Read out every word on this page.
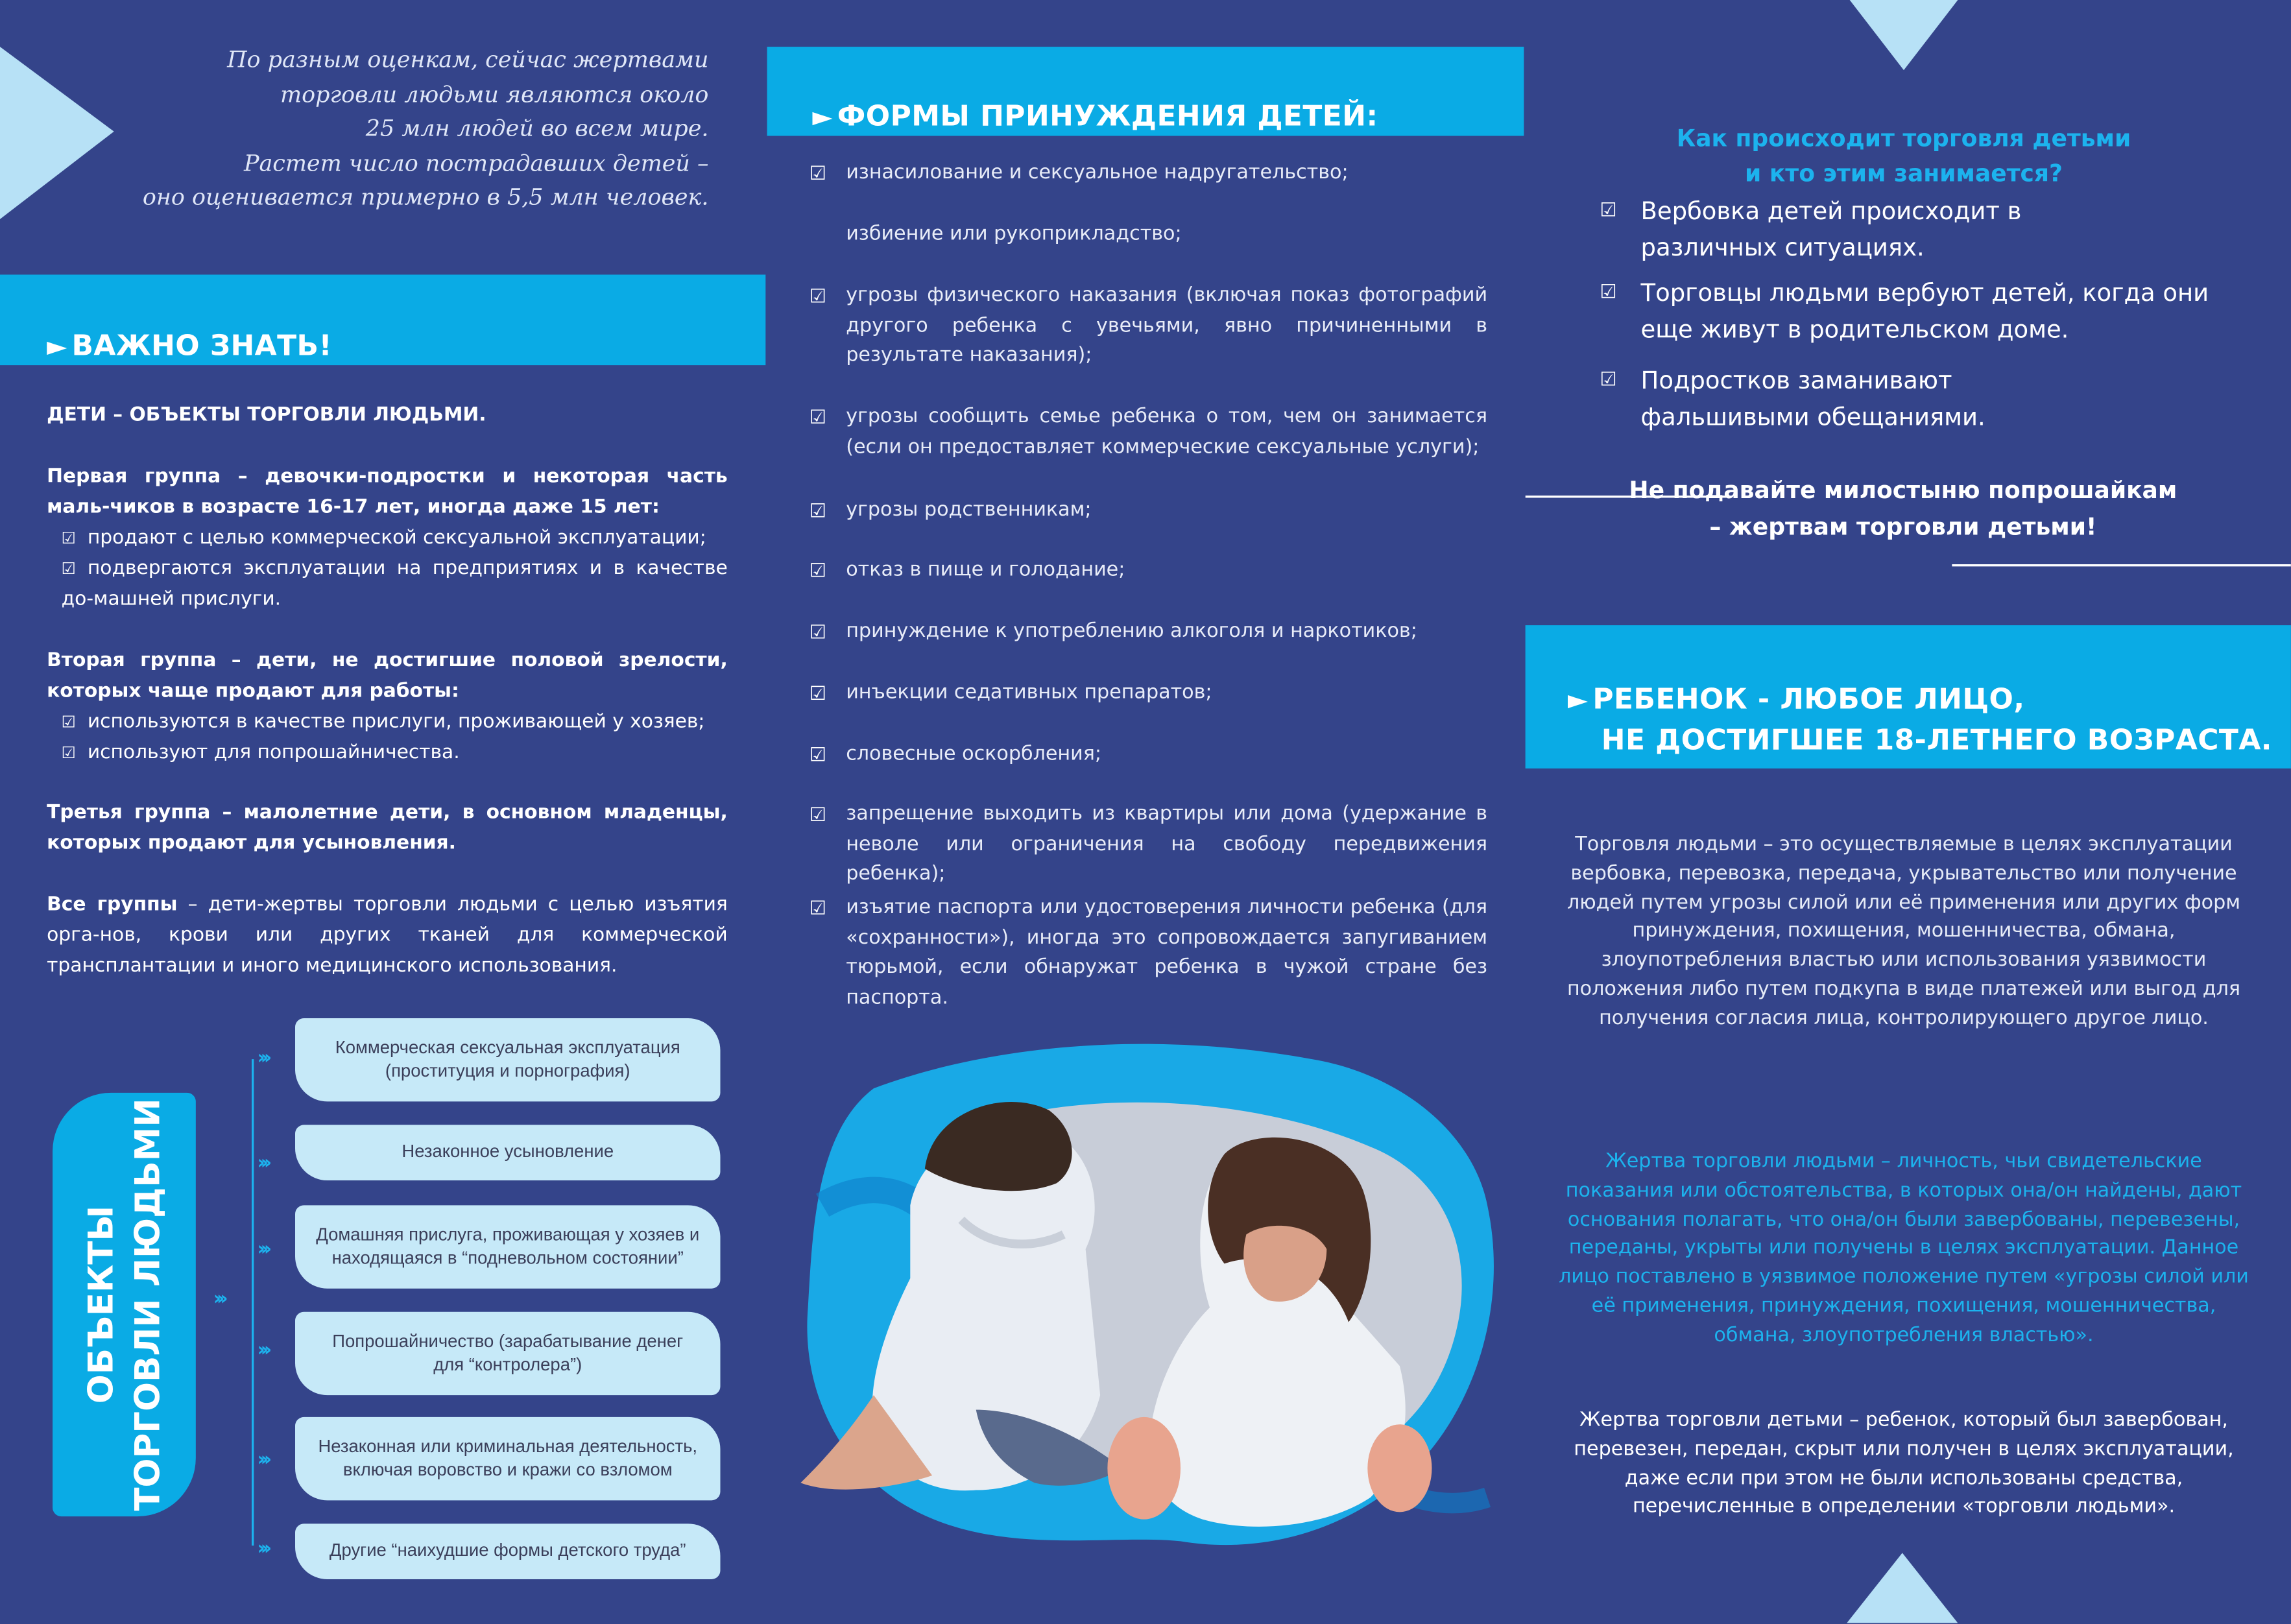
По разным оценкам, сейчас жертвами
торговли людьми являются около
25 млн людей во всем мире.
Растет число пострадавших детей –
оно оценивается примерно в 5,5 млн человек.
► ВАЖНО ЗНАТЬ!
ДЕТИ – ОБЪЕКТЫ ТОРГОВЛИ ЛЮДЬМИ.
Первая группа – девочки-подростки и некоторая часть маль-чиков в возрасте 16-17 лет, иногда даже 15 лет:
☑ продают с целью коммерческой сексуальной эксплуатации;
☑ подвергаются эксплуатации на предприятиях и в качестве до-машней прислуги.
Вторая группа – дети, не достигшие половой зрелости, которых чаще продают для работы:
☑ используются в качестве прислуги, проживающей у хозяев;
☑ используют для попрошайничества.
Третья группа – малолетние дети, в основном младенцы, которых продают для усыновления.
Все группы – дети-жертвы торговли людьми с целью изъятия орга-нов, крови или других тканей для коммерческой трансплантации и иного медицинского использования.
ОБЪЕКТЫ ТОРГОВЛИ ЛЮДЬМИ	›››
›››
›››
›››
›››
›››
›››
Коммерческая сексуальная эксплуатация (проституция и порнография)
Незаконное усыновление
Домашняя прислуга, проживающая у хозяев и находящаяся в “подневольном состоянии”
Попрошайничество (зарабатывание денег для “контролера”)
Незаконная или криминальная деятельность, включая воровство и кражи со взломом
Другие “наихудшие формы детского труда”
► ФОРМЫ ПРИНУЖДЕНИЯ ДЕТЕЙ:
☑	изнасилование и сексуальное надругательство;
избиение или рукоприкладство;
☑	угрозы физического наказания (включая показ фотографий другого ребенка с увечьями, явно причиненными в результате наказания);
☑	угрозы сообщить семье ребенка о том, чем он занимается (если он предоставляет коммерческие сексуальные услуги);
☑	угрозы родственникам;
☑	отказ в пище и голодание;
☑	принуждение к употреблению алкоголя и наркотиков;
☑	инъекции седативных препаратов;
☑	словесные оскорбления;
☑	запрещение выходить из квартиры или дома (удержание в неволе или ограничения на свободу передвижения ребенка);
☑	изъятие паспорта или удостоверения личности ребенка (для «сохранности»), иногда это сопровождается запугиванием тюрьмой, если обнаружат ребенка в чужой стране без паспорта.
Как происходит торговля детьми
и кто этим занимается?
☑	Вербовка детей происходит в различных ситуациях.
☑	Торговцы людьми вербуют детей, когда они еще живут в родительском доме.
☑	Подростков заманивают фальшивыми обещаниями.
Не подавайте милостыню попрошайкам – жертвам торговли детьми!
► РЕБЕНОК - ЛЮБОЕ ЛИЦО,
НЕ ДОСТИГШЕЕ 18-ЛЕТНЕГО ВОЗРАСТА.
Торговля людьми – это осуществляемые в целях эксплуатации вербовка, перевозка, передача, укрывательство или получение людей путем угрозы силой или её применения или других форм принуждения, похищения, мошенничества, обмана, злоупотребления властью или использования уязвимости положения либо путем подкупа в виде платежей или выгод для получения согласия лица, контролирующего другое лицо.
Жертва торговли людьми – личность, чьи свидетельские показания или обстоятельства, в которых она/он найдены, дают основания полагать, что она/он были завербованы, перевезены, переданы, укрыты или получены в целях эксплуатации. Данное лицо поставлено в уязвимое положение путем «угрозы силой или её применения, принуждения, похищения, мошенничества, обмана, злоупотребления властью».
Жертва торговли детьми – ребенок, который был завербован, перевезен, передан, скрыт или получен в целях эксплуатации, даже если при этом не были использованы средства, перечисленные в определении «торговли людьми».
